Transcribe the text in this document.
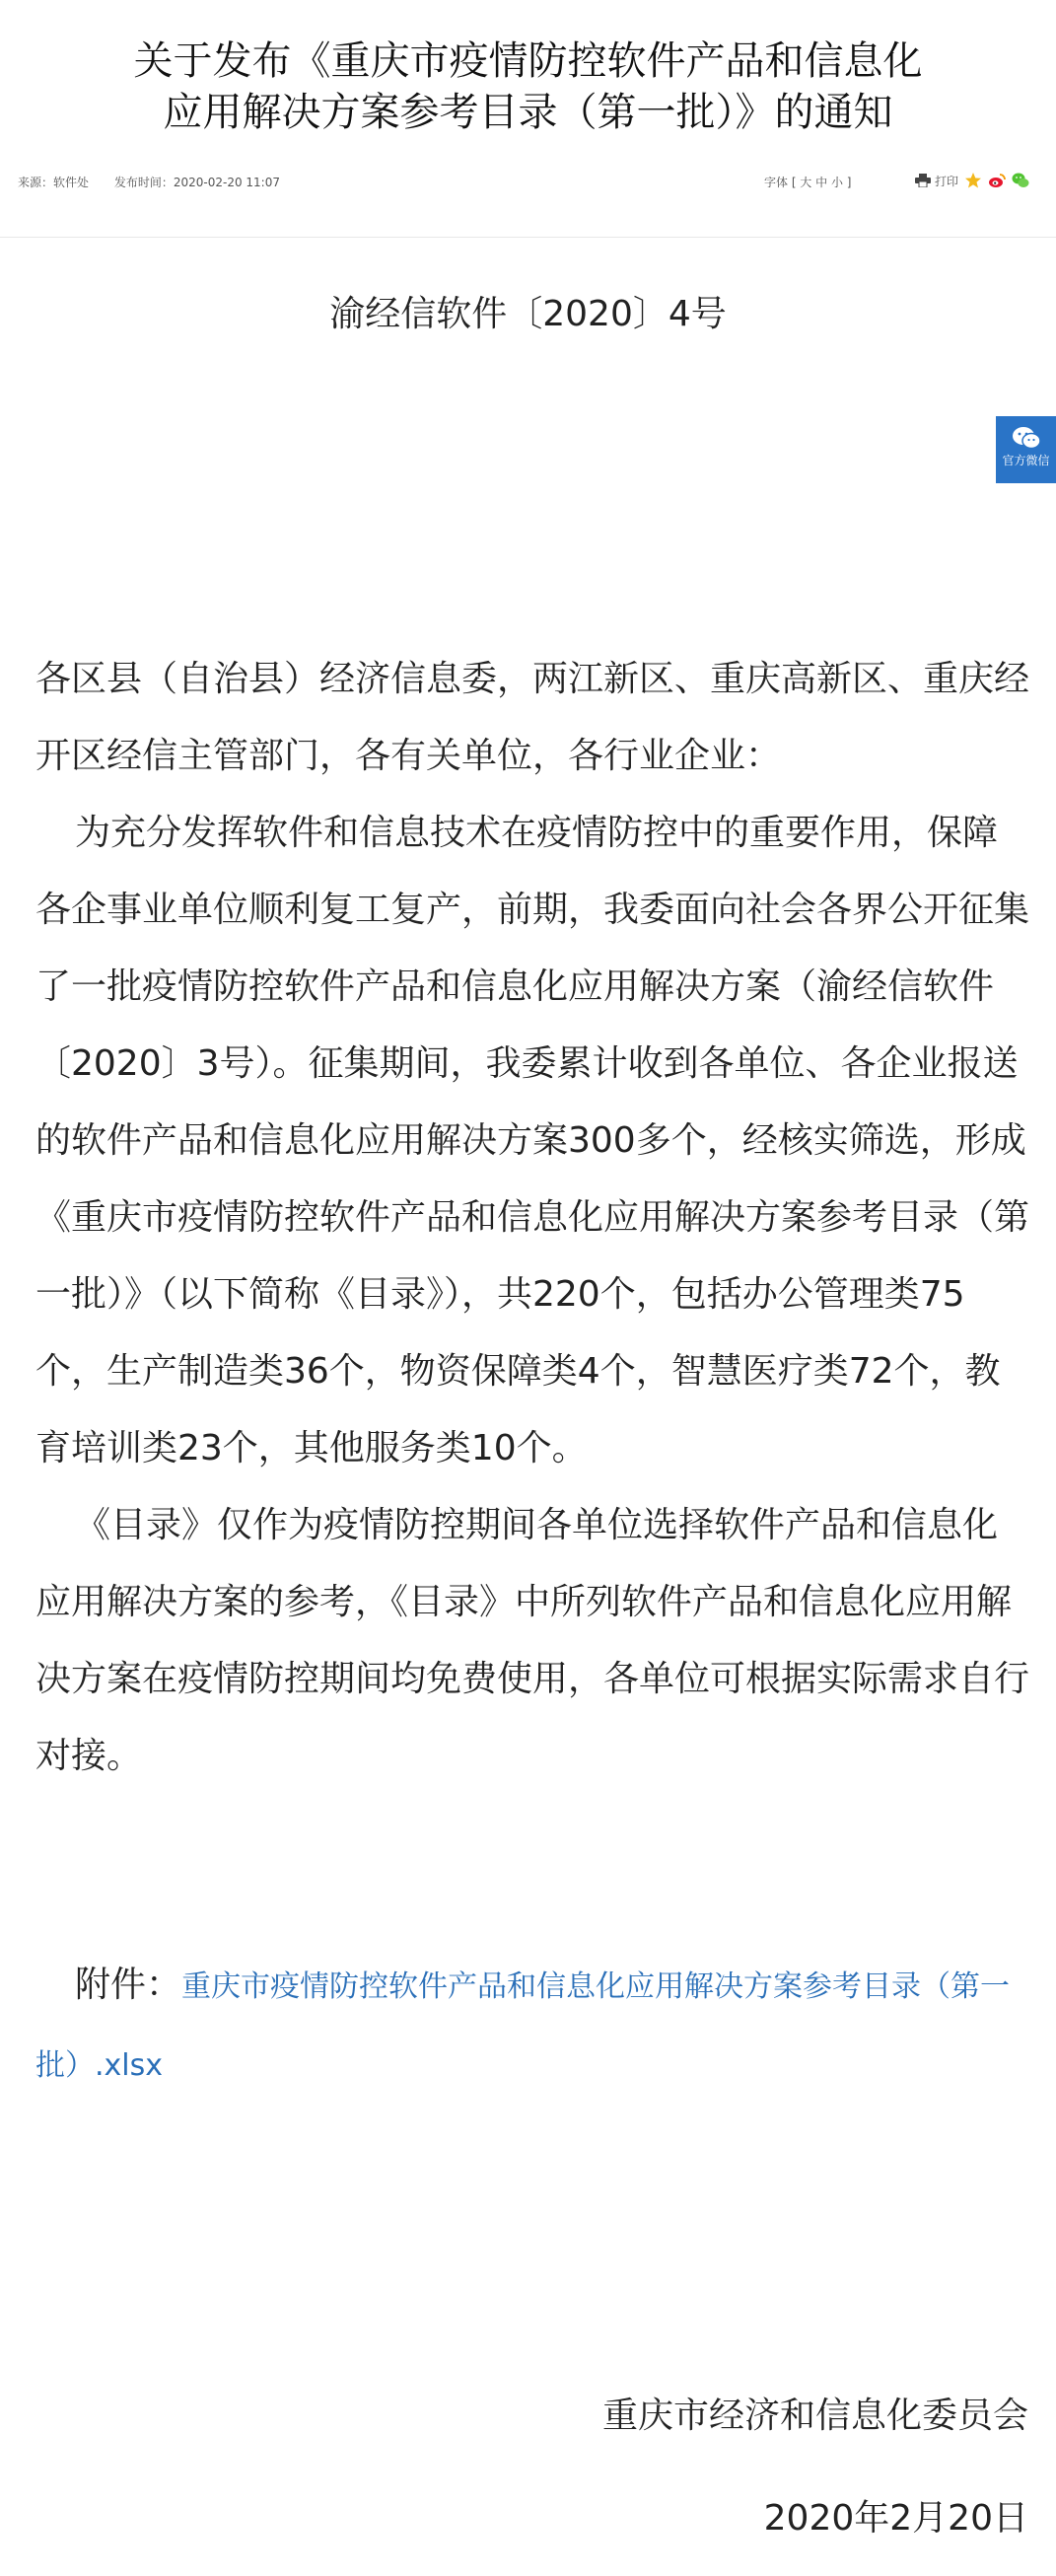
关于发布《重庆市疫情防控软件产品和信息化
应用解决方案参考目录（第一批）》的通知
来源：软件处 发布时间：2020-02-20 11:07	字体 [ 大 中 小 ]	打印
渝经信软件〔2020〕4号
官方微信

各区县（自治县）经济信息委，两江新区、重庆高新区、重庆经开区经信主管部门，各有关单位，各行业企业：

为充分发挥软件和信息技术在疫情防控中的重要作用，保障各企事业单位顺利复工复产，前期，我委面向社会各界公开征集了一批疫情防控软件产品和信息化应用解决方案（渝经信软件〔2020〕3号）。征集期间，我委累计收到各单位、各企业报送的软件产品和信息化应用解决方案300多个，经核实筛选，形成《重庆市疫情防控软件产品和信息化应用解决方案参考目录（第一批）》（以下简称《目录》），共220个，包括办公管理类75个，生产制造类36个，物资保障类4个，智慧医疗类72个，教育培训类23个，其他服务类10个。

《目录》仅作为疫情防控期间各单位选择软件产品和信息化应用解决方案的参考，《目录》中所列软件产品和信息化应用解决方案在疫情防控期间均免费使用，各单位可根据实际需求自行对接。

附件：重庆市疫情防控软件产品和信息化应用解决方案参考目录（第一批）.xlsx

重庆市经济和信息化委员会
2020年2月20日
